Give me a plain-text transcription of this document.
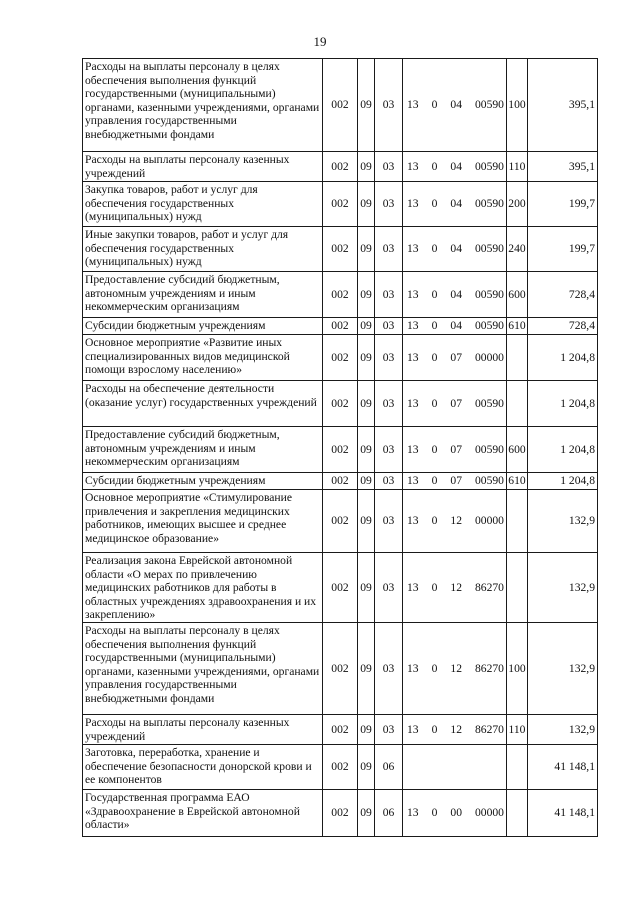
19
Расходы на выплаты персоналу в целях обеспечения выполнения функций государственными (муниципальными) органами, казенными учреждениями, органами управления государственными внебюджетными фондами	002	09	03	13 0 04 00590	100	395,1
Расходы на выплаты персоналу казенных учреждений	002	09	03	13 0 04 00590	110	395,1
Закупка товаров, работ и услуг для обеспечения государственных (муниципальных) нужд	002	09	03	13 0 04 00590	200	199,7
Иные закупки товаров, работ и услуг для обеспечения государственных (муниципальных) нужд	002	09	03	13 0 04 00590	240	199,7
Предоставление субсидий бюджетным, автономным учреждениям и иным некоммерческим организациям	002	09	03	13 0 04 00590	600	728,4
Субсидии бюджетным учреждениям	002	09	03	13 0 04 00590	610	728,4
Основное мероприятие «Развитие иных специализированных видов медицинской помощи взрослому населению»	002	09	03	13 0 07 00000		1 204,8
Расходы на обеспечение деятельности (оказание услуг) государственных учреждений	002	09	03	13 0 07 00590		1 204,8
Предоставление субсидий бюджетным, автономным учреждениям и иным некоммерческим организациям	002	09	03	13 0 07 00590	600	1 204,8
Субсидии бюджетным учреждениям	002	09	03	13 0 07 00590	610	1 204,8
Основное мероприятие «Стимулирование привлечения и закрепления медицинских работников, имеющих высшее и среднее медицинское образование»	002	09	03	13 0 12 00000		132,9
Реализация закона Еврейской автономной области «О мерах по привлечению медицинских работников для работы в областных учреждениях здравоохранения и их закреплению»	002	09	03	13 0 12 86270		132,9
Расходы на выплаты персоналу в целях обеспечения выполнения функций государственными (муниципальными) органами, казенными учреждениями, органами управления государственными внебюджетными фондами	002	09	03	13 0 12 86270	100	132,9
Расходы на выплаты персоналу казенных учреждений	002	09	03	13 0 12 86270	110	132,9
Заготовка, переработка, хранение и обеспечение безопасности донорской крови и ее компонентов	002	09	06			41 148,1
Государственная программа ЕАО «Здравоохранение в Еврейской автономной области»	002	09	06	13 0 00 00000		41 148,1
